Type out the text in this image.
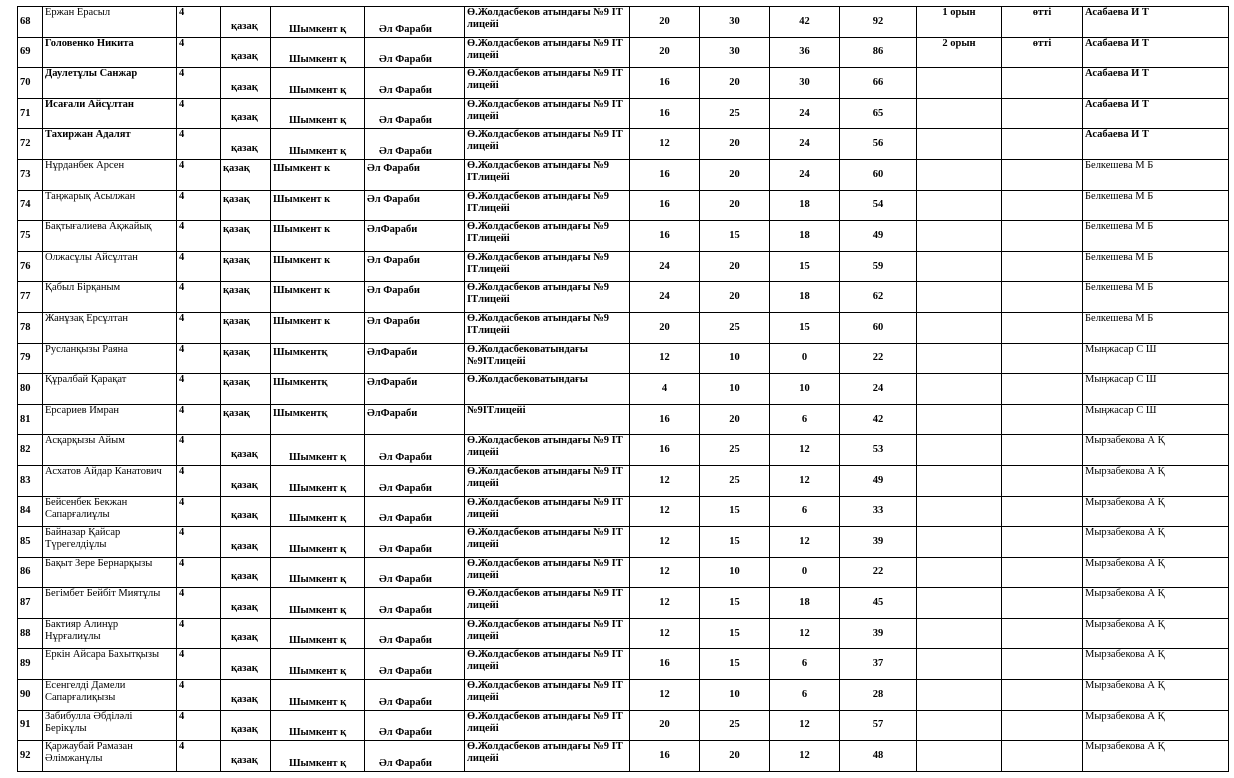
68	Ержан Ерасыл	4	қазақ	Шымкент қ	Әл Фараби	Ө.Жолдасбеков атындағы №9 IT лицейі	20	30	42	92	1 орын	өтті	Асабаева И Т
69	Головенко Никита	4	қазақ	Шымкент қ	Әл Фараби	Ө.Жолдасбеков атындағы №9 IT лицейі	20	30	36	86	2 орын	өтті	Асабаева И Т
70	Даулетұлы Санжар	4	қазақ	Шымкент қ	Әл Фараби	Ө.Жолдасбеков атындағы №9 IT лицейі	16	20	30	66			Асабаева И Т
71	Исағали Айсұлтан	4	қазақ	Шымкент қ	Әл Фараби	Ө.Жолдасбеков атындағы №9 IT лицейі	16	25	24	65			Асабаева И Т
72	Тахиржан Адалят	4	қазақ	Шымкент қ	Әл Фараби	Ө.Жолдасбеков атындағы №9 IT лицейі	12	20	24	56			Асабаева И Т
73	Нұрданбек Арсен	4	қазақ	Шымкент к	Әл Фараби	Ө.Жолдасбеков атындағы №9 ITлицейі	16	20	24	60			Белкешева М Б
74	Таңжарық Асылжан	4	қазақ	Шымкент к	Әл Фараби	Ө.Жолдасбеков атындағы №9 ITлицейі	16	20	18	54			Белкешева М Б
75	Бақтығалиева Ақжайық	4	қазақ	Шымкент к	ӘлФараби	Ө.Жолдасбеков атындағы №9 ITлицейі	16	15	18	49			Белкешева М Б
76	Олжасұлы Айсұлтан	4	қазақ	Шымкент к	Әл Фараби	Ө.Жолдасбеков атындағы №9 ITлицейі	24	20	15	59			Белкешева М Б
77	Қабыл Бірқаным	4	қазақ	Шымкент к	Әл Фараби	Ө.Жолдасбеков атындағы №9 ITлицейі	24	20	18	62			Белкешева М Б
78	Жанұзақ Ерсұлтан	4	қазақ	Шымкент к	Әл Фараби	Ө.Жолдасбеков атындағы №9 ITлицейі	20	25	15	60			Белкешева М Б
79	Русланқызы Раяна	4	қазақ	Шымкентқ	ӘлФараби	Ө.Жолдасбековатындағы №9ITлицейі	12	10	0	22			Мыңжасар С Ш
80	Құралбай Қарақат	4	қазақ	Шымкентқ	ӘлФараби	Ө.Жолдасбековатындағы	4	10	10	24			Мыңжасар С Ш
81	Ерсариев Имран	4	қазақ	Шымкентқ	ӘлФараби	№9ITлицейі	16	20	6	42			Мыңжасар С Ш
82	Асқарқызы Айым	4	қазақ	Шымкент қ	Әл Фараби	Ө.Жолдасбеков атындағы №9 IT лицейі	16	25	12	53			Мырзабекова А Қ
83	Асхатов Айдар Канатович	4	қазақ	Шымкент қ	Әл Фараби	Ө.Жолдасбеков атындағы №9 IT лицейі	12	25	12	49			Мырзабекова А Қ
84	Бейсенбек Бекжан Сапарғалиұлы	4	қазақ	Шымкент қ	Әл Фараби	Ө.Жолдасбеков атындағы №9 IT лицейі	12	15	6	33			Мырзабекова А Қ
85	Байназар Қайсар Түрегелдіұлы	4	қазақ	Шымкент қ	Әл Фараби	Ө.Жолдасбеков атындағы №9 IT лицейі	12	15	12	39			Мырзабекова А Қ
86	Бақыт Зере Бернарқызы	4	қазақ	Шымкент қ	Әл Фараби	Ө.Жолдасбеков атындағы №9 IT лицейі	12	10	0	22			Мырзабекова А Қ
87	Бегімбет Бейбіт Миятұлы	4	қазақ	Шымкент қ	Әл Фараби	Ө.Жолдасбеков атындағы №9 IT лицейі	12	15	18	45			Мырзабекова А Қ
88	Бактияр Алинұр Нұрғалиұлы	4	қазақ	Шымкент қ	Әл Фараби	Ө.Жолдасбеков атындағы №9 IT лицейі	12	15	12	39			Мырзабекова А Қ
89	Еркін Айсара Бахытқызы	4	қазақ	Шымкент қ	Әл Фараби	Ө.Жолдасбеков атындағы №9 IT лицейі	16	15	6	37			Мырзабекова А Қ
90	Есенгелді Дамели Сапарғалиқызы	4	қазақ	Шымкент қ	Әл Фараби	Ө.Жолдасбеков атындағы №9 IT лицейі	12	10	6	28			Мырзабекова А Қ
91	Забибулла Әбділәлі Берікұлы	4	қазақ	Шымкент қ	Әл Фараби	Ө.Жолдасбеков атындағы №9 IT лицейі	20	25	12	57			Мырзабекова А Қ
92	Қаржаубай Рамазан Әлімжанұлы	4	қазақ	Шымкент қ	Әл Фараби	Ө.Жолдасбеков атындағы №9 IT лицейі	16	20	12	48			Мырзабекова А Қ
